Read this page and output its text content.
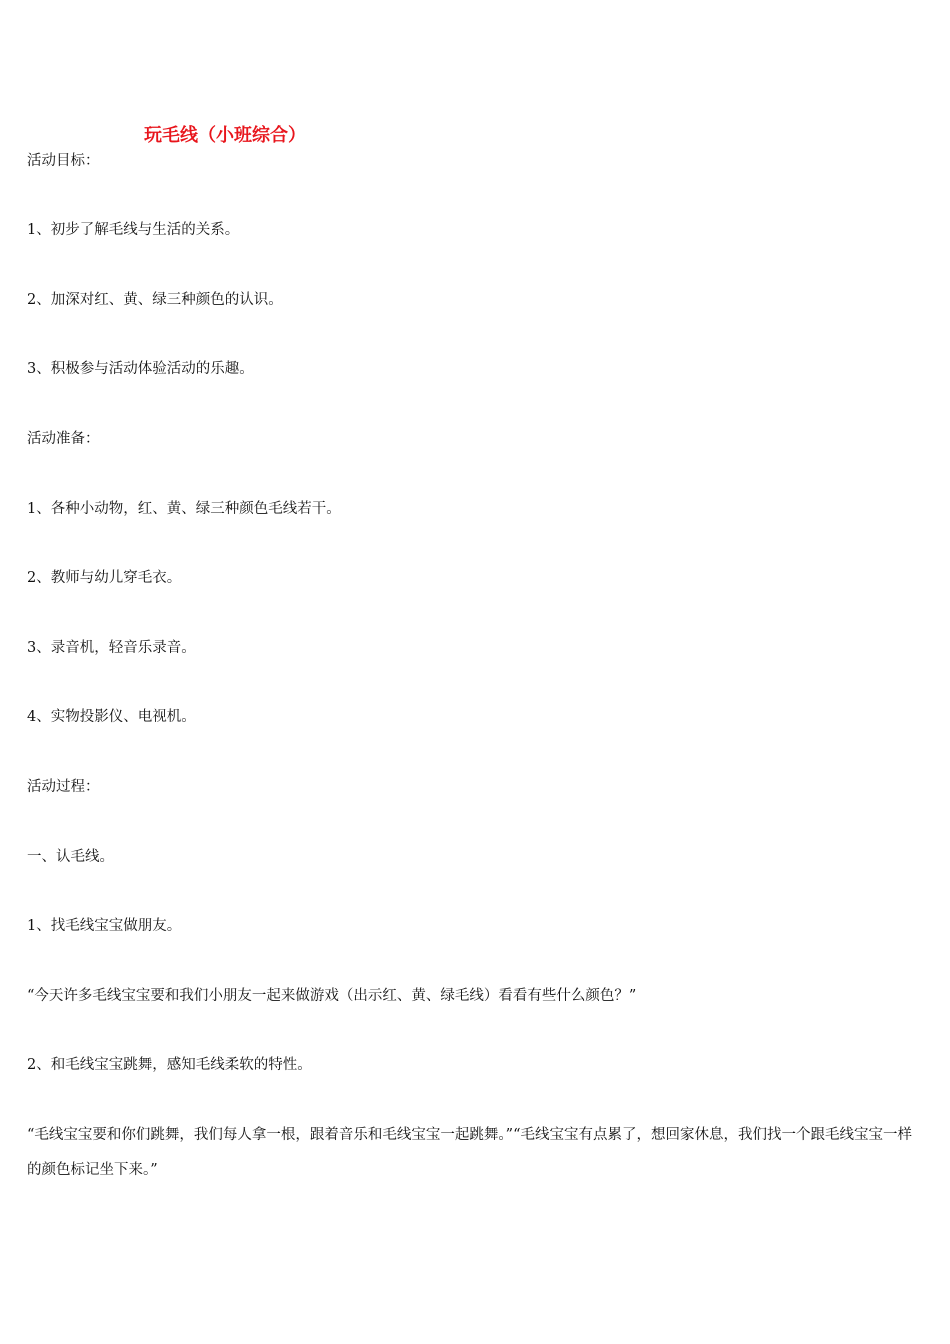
玩毛线（小班综合）
活动目标：
1、初步了解毛线与生活的关系。
2、加深对红、黄、绿三种颜色的认识。
3、积极参与活动体验活动的乐趣。
活动准备：
1、各种小动物，红、黄、绿三种颜色毛线若干。
2、教师与幼儿穿毛衣。
3、录音机，轻音乐录音。
4、实物投影仪、电视机。
活动过程：
一、认毛线。
1、找毛线宝宝做朋友。
“今天许多毛线宝宝要和我们小朋友一起来做游戏（出示红、黄、绿毛线）看看有些什么颜色？”
2、和毛线宝宝跳舞，感知毛线柔软的特性。
“毛线宝宝要和你们跳舞，我们每人拿一根，跟着音乐和毛线宝宝一起跳舞。”“毛线宝宝有点累了，想回家休息，我们找一个跟毛线宝宝一样的颜色标记坐下来。”
